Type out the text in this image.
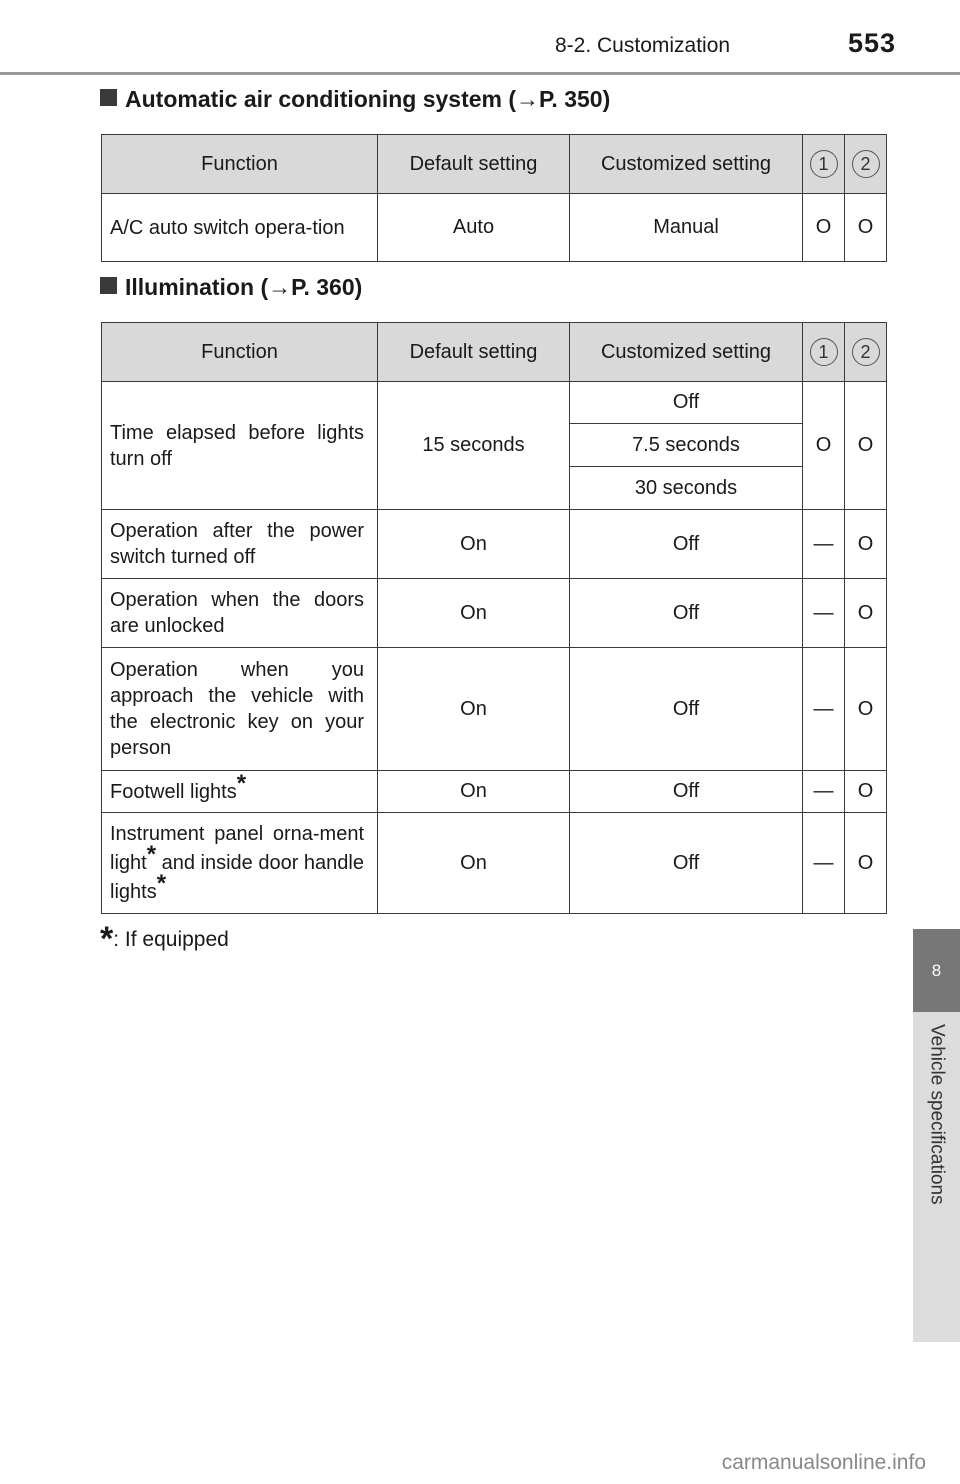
8-2. Customization	553
Automatic air conditioning system (→P. 350)
Function	Default setting	Customized setting	1	2
A/C auto switch opera-tion	Auto	Manual	O	O
Illumination (→P. 360)
Function	Default setting	Customized setting	1	2
Time elapsed before lights turn off	15 seconds	Off	O	O
		7.5 seconds		
		30 seconds		
Operation after the power switch turned off	On	Off	—	O
Operation when the doors are unlocked	On	Off	—	O
Operation when you approach the vehicle with the electronic key on your person	On	Off	—	O
Footwell lights*	On	Off	—	O
Instrument panel orna-ment light* and inside door handle lights*	On	Off	—	O
*: If equipped
8
Vehicle specifications
carmanualsonline.info
